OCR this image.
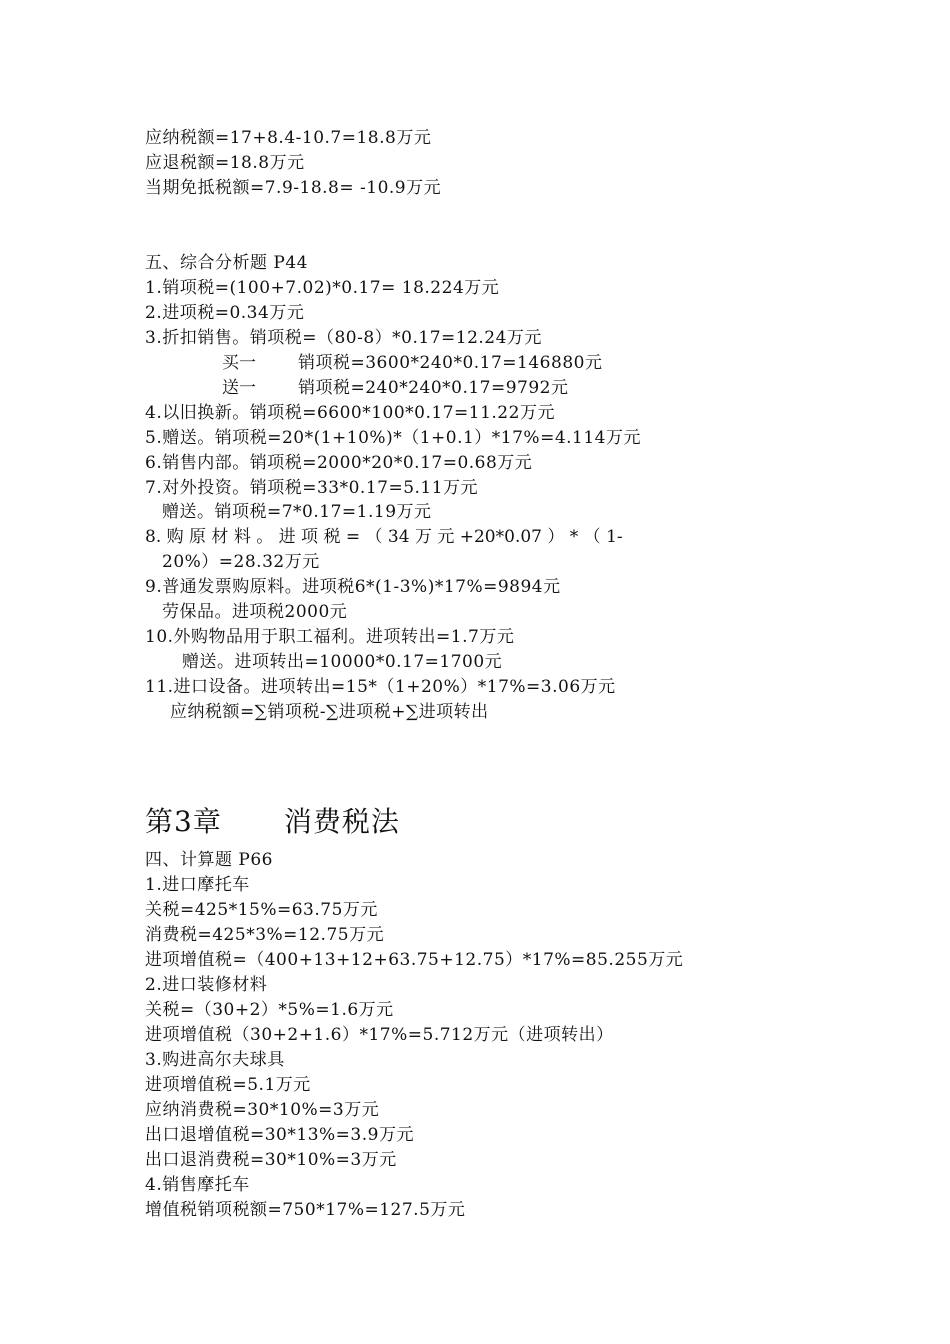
应纳税额=17+8.4-10.7=18.8万元
应退税额=18.8万元
当期免抵税额=7.9-18.8= -10.9万元
五、综合分析题 P44
1.销项税=(100+7.02)*0.17= 18.224万元
2.进项税=0.34万元
3.折扣销售。销项税=（80-8）*0.17=12.24万元
买一 销项税=3600*240*0.17=146880元
送一 销项税=240*240*0.17=9792元
4.以旧换新。销项税=6600*100*0.17=11.22万元
5.赠送。销项税=20*(1+10%)*（1+0.1）*17%=4.114万元
6.销售内部。销项税=2000*20*0.17=0.68万元
7.对外投资。销项税=33*0.17=5.11万元
赠送。销项税=7*0.17=1.19万元
8. 购 原 材 料 。 进 项 税 = （ 34 万 元 +20*0.07 ） * （ 1-
20%）=28.32万元
9.普通发票购原料。进项税6*(1-3%)*17%=9894元
劳保品。进项税2000元
10.外购物品用于职工福利。进项转出=1.7万元
赠送。进项转出=10000*0.17=1700元
11.进口设备。进项转出=15*（1+20%）*17%=3.06万元
应纳税额=∑销项税-∑进项税+∑进项转出
第3章 消费税法
四、计算题 P66
1.进口摩托车
关税=425*15%=63.75万元
消费税=425*3%=12.75万元
进项增值税=（400+13+12+63.75+12.75）*17%=85.255万元
2.进口装修材料
关税=（30+2）*5%=1.6万元
进项增值税（30+2+1.6）*17%=5.712万元（进项转出）
3.购进高尔夫球具
进项增值税=5.1万元
应纳消费税=30*10%=3万元
出口退增值税=30*13%=3.9万元
出口退消费税=30*10%=3万元
4.销售摩托车
增值税销项税额=750*17%=127.5万元
